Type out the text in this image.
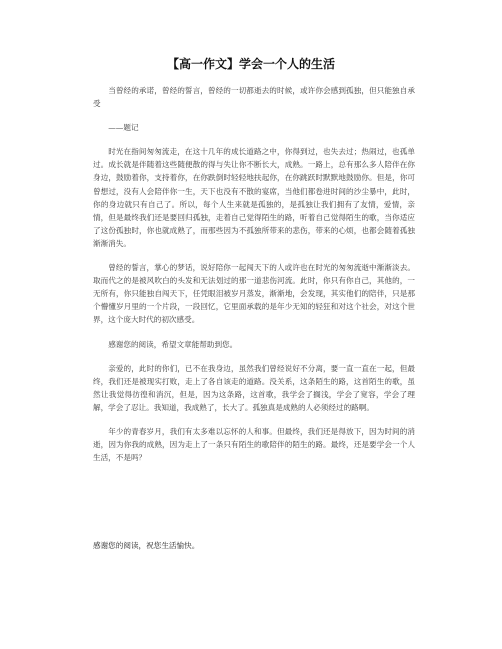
【高一作文】学会一个人的生活

当曾经的承诺，曾经的誓言，曾经的一切都逝去的时候，或许你会感到孤独，但只能独自承受

——题记

时光在指间匆匆流走，在这十几年的成长道路之中，你得到过，也失去过；热闹过，也孤单过。成长就是伴随着这些随便散的得与失让你不断长大，成熟。一路上，总有那么多人陪伴在你身边，鼓励着你，支持着你，在你跌倒时轻轻地扶起你，在你跳跃时默默地鼓励你。但是，你可曾想过，没有人会陪伴你一生，天下也没有不散的宴席，当他们都卷进时间的沙尘暴中，此时，你的身边就只有自己了。所以，每个人生来就是孤独的，是孤独让我们拥有了友情，爱情，亲情，但是最终我们还是要回归孤独，走着自己觉得陌生的路，听着自己觉得陌生的歌，当你适应了这份孤独时，你也就成熟了，而那些因为不孤独所带来的悲伤，带来的心烦，也都会随着孤独渐渐消失。

曾经的誓言，掌心的梦话，说好陪你一起闯天下的人或许也在时光的匆匆流逝中渐渐淡去。取而代之的是被风吹白的头发和无法划过的那一道悲伤河流。此时，你只有你自己，其他的，一无所有，你只能独自闯天下，任凭眼泪被岁月蒸发，渐渐地，会发现，其实他们的陪伴，只是那个懵懂岁月里的一个片段，一段回忆，它里面承载的是年少无知的轻狂和对这个社会，对这个世界，这个庞大时代的初次感受。

感谢您的阅读，希望文章能帮助到您。

亲爱的，此时的你们，已不在我身边，虽然我们曾经说好不分离，要一直一直在一起，但最终，我们还是被现实打败，走上了各自该走的道路。没关系，这条陌生的路，这首陌生的歌，虽然让我觉得彷徨和消沉，但是，因为这条路，这首歌，我学会了搁浅，学会了宽容，学会了理解，学会了忍让。我知道，我成熟了，长大了。孤独真是成熟的人必须经过的路啊。

年少的青春岁月，我们有太多难以忘怀的人和事。但最终，我们还是得放下，因为时间的消逝，因为你我的成熟，因为走上了一条只有陌生的歌陪伴的陌生的路。最终，还是要学会一个人生活，不是吗？

感谢您的阅读，祝您生活愉快。
